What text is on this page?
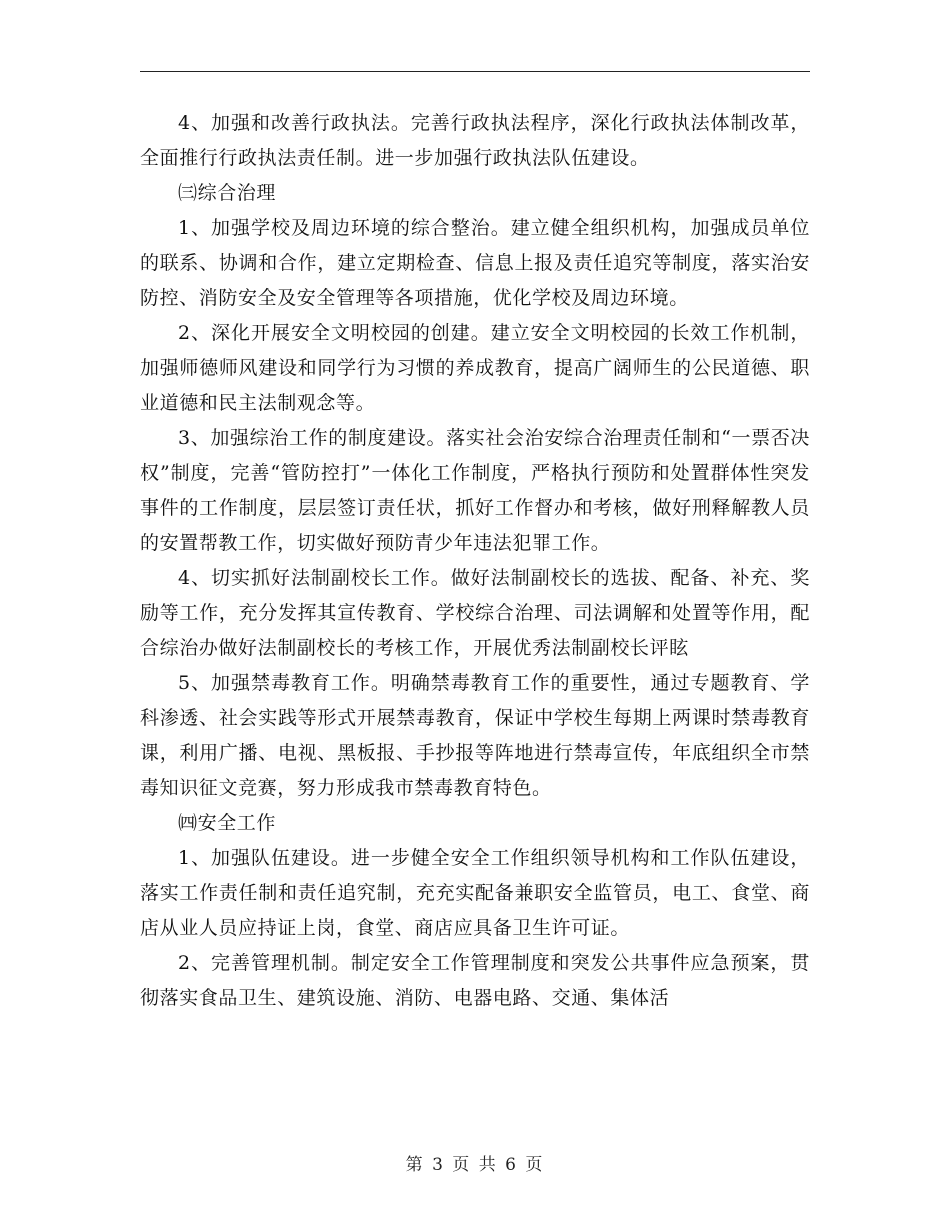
4、加强和改善行政执法。完善行政执法程序，深化行政执法体制改革，全面推行行政执法责任制。进一步加强行政执法队伍建设。

㈢综合治理

1、加强学校及周边环境的综合整治。建立健全组织机构，加强成员单位的联系、协调和合作，建立定期检查、信息上报及责任追究等制度，落实治安防控、消防安全及安全管理等各项措施，优化学校及周边环境。

2、深化开展安全文明校园的创建。建立安全文明校园的长效工作机制，加强师德师风建设和同学行为习惯的养成教育，提高广阔师生的公民道德、职业道德和民主法制观念等。

3、加强综治工作的制度建设。落实社会治安综合治理责任制和“一票否决权”制度，完善“管防控打”一体化工作制度，严格执行预防和处置群体性突发事件的工作制度，层层签订责任状，抓好工作督办和考核，做好刑释解教人员的安置帮教工作，切实做好预防青少年违法犯罪工作。

4、切实抓好法制副校长工作。做好法制副校长的选拔、配备、补充、奖励等工作，充分发挥其宣传教育、学校综合治理、司法调解和处置等作用，配合综治办做好法制副校长的考核工作，开展优秀法制副校长评眩

5、加强禁毒教育工作。明确禁毒教育工作的重要性，通过专题教育、学科渗透、社会实践等形式开展禁毒教育，保证中学校生每期上两课时禁毒教育课，利用广播、电视、黑板报、手抄报等阵地进行禁毒宣传，年底组织全市禁毒知识征文竞赛，努力形成我市禁毒教育特色。

㈣安全工作

1、加强队伍建设。进一步健全安全工作组织领导机构和工作队伍建设，落实工作责任制和责任追究制，充充实配备兼职安全监管员，电工、食堂、商店从业人员应持证上岗，食堂、商店应具备卫生许可证。

2、完善管理机制。制定安全工作管理制度和突发公共事件应急预案，贯彻落实食品卫生、建筑设施、消防、电器电路、交通、集体活

第 3 页 共 6 页
